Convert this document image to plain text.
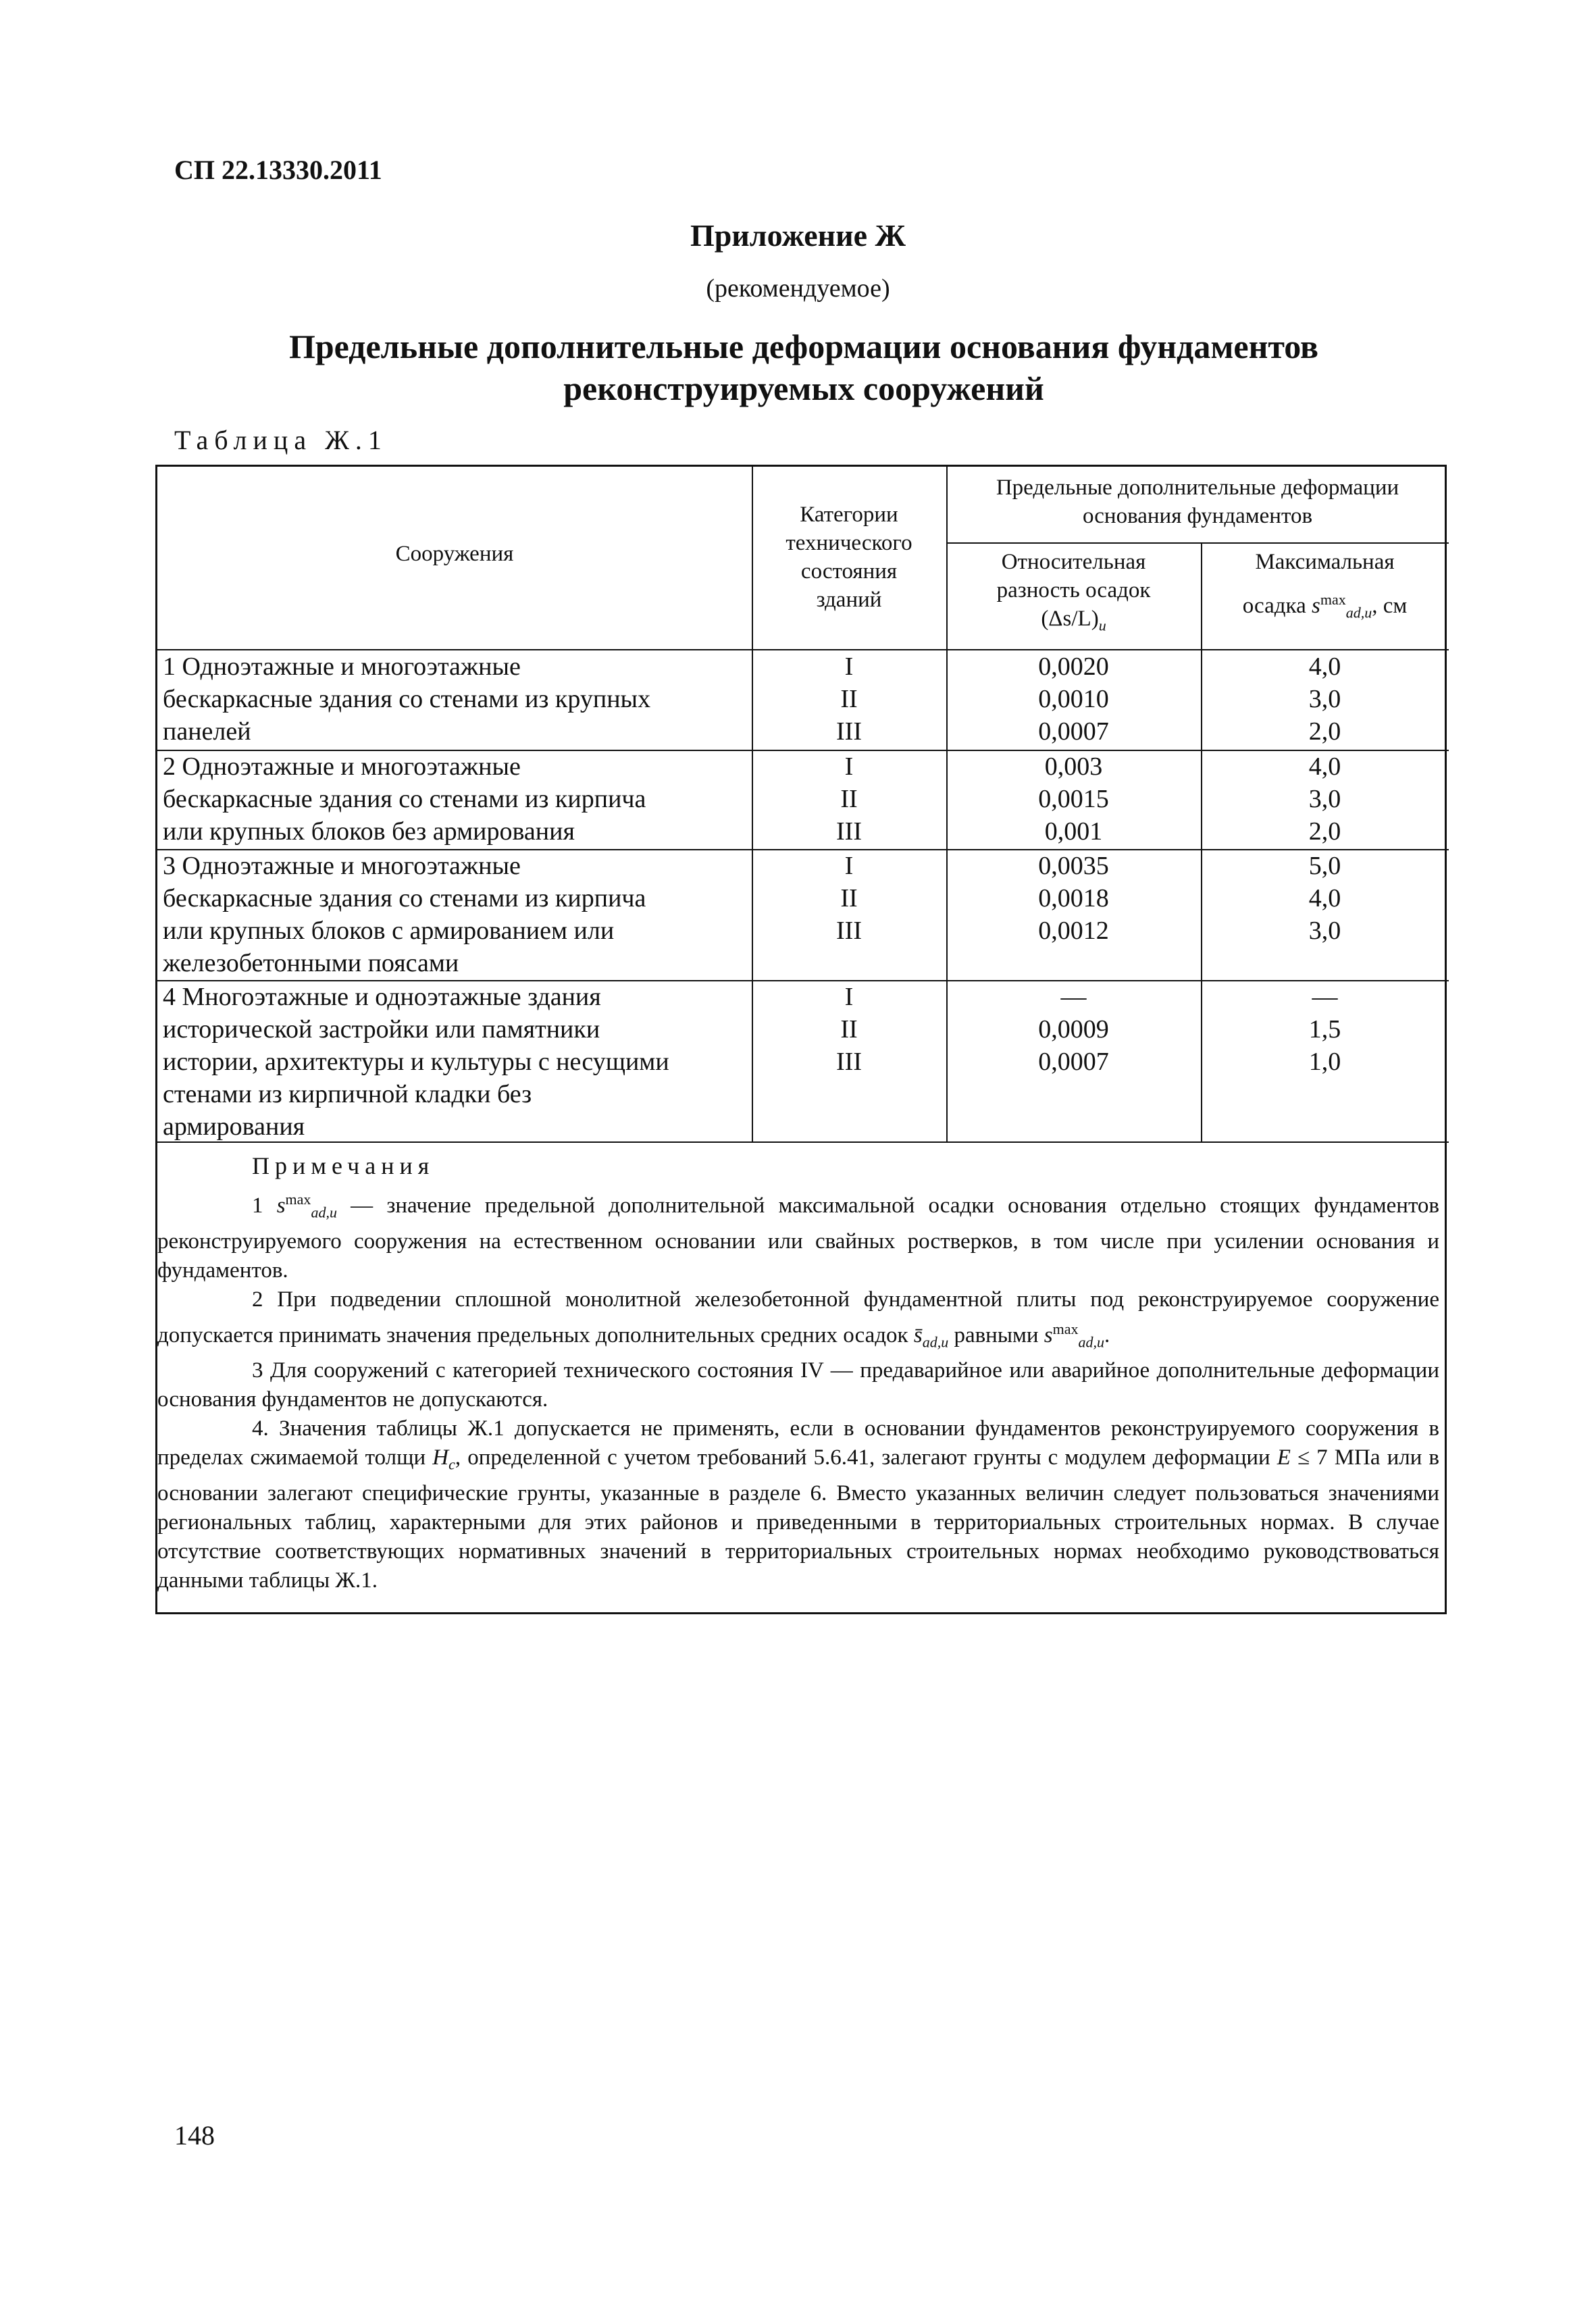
СП 22.13330.2011
Приложение Ж
(рекомендуемое)
Предельные дополнительные деформации основания фундаментов
реконструируемых сооружений
Таблица Ж.1
Сооружения
Категории
технического
состояния
зданий
Предельные дополнительные деформации
основания фундаментов
Относительная
разность осадок
$(\Delta s/L)_u$
Максимальная
осадка $s^{max}_{ad,u}$, см
1 Одноэтажные и многоэтажные
бескаркасные здания со стенами из крупных
панелей
I
II
III
0,0020
0,0010
0,0007
4,0
3,0
2,0
2 Одноэтажные и многоэтажные
бескаркасные здания со стенами из кирпича
или крупных блоков без армирования
I
II
III
0,003
0,0015
0,001
4,0
3,0
2,0
3 Одноэтажные и многоэтажные
бескаркасные здания со стенами из кирпича
или крупных блоков с армированием или
железобетонными поясами
I
II
III
0,0035
0,0018
0,0012
5,0
4,0
3,0
4 Многоэтажные и одноэтажные здания
исторической застройки или памятники
истории, архитектуры и культуры с несущими
стенами из кирпичной кладки без
армирования
I
II
III
—
0,0009
0,0007
—
1,5
1,0

Примечания

1 $s^{max}_{ad,u}$ — значение предельной дополнительной максимальной осадки основания отдельно стоящих фундаментов реконструируемого сооружения на естественном основании или свайных ростверков, в том числе при усилении основания и фундаментов.

2 При подведении сплошной монолитной железобетонной фундаментной плиты под реконструируемое сооружение допускается принимать значения предельных дополнительных средних осадок $s̄_{ad,u}$ равными $s^{max}_{ad,u}$.

3 Для сооружений с категорией технического состояния IV — предаварийное или аварийное дополнительные деформации основания фундаментов не допускаются.

4. Значения таблицы Ж.1 допускается не применять, если в основании фундаментов реконструируемого сооружения в пределах сжимаемой толщи $H_c$, определенной с учетом требований 5.6.41, залегают грунты с модулем деформации E ≤ 7 МПа или в основании залегают специфические грунты, указанные в разделе 6. Вместо указанных величин следует пользоваться значениями региональных таблиц, характерными для этих районов и приведенными в территориальных строительных нормах. В случае отсутствие соответствующих нормативных значений в территориальных строительных нормах необходимо руководствоваться данными таблицы Ж.1.

148
